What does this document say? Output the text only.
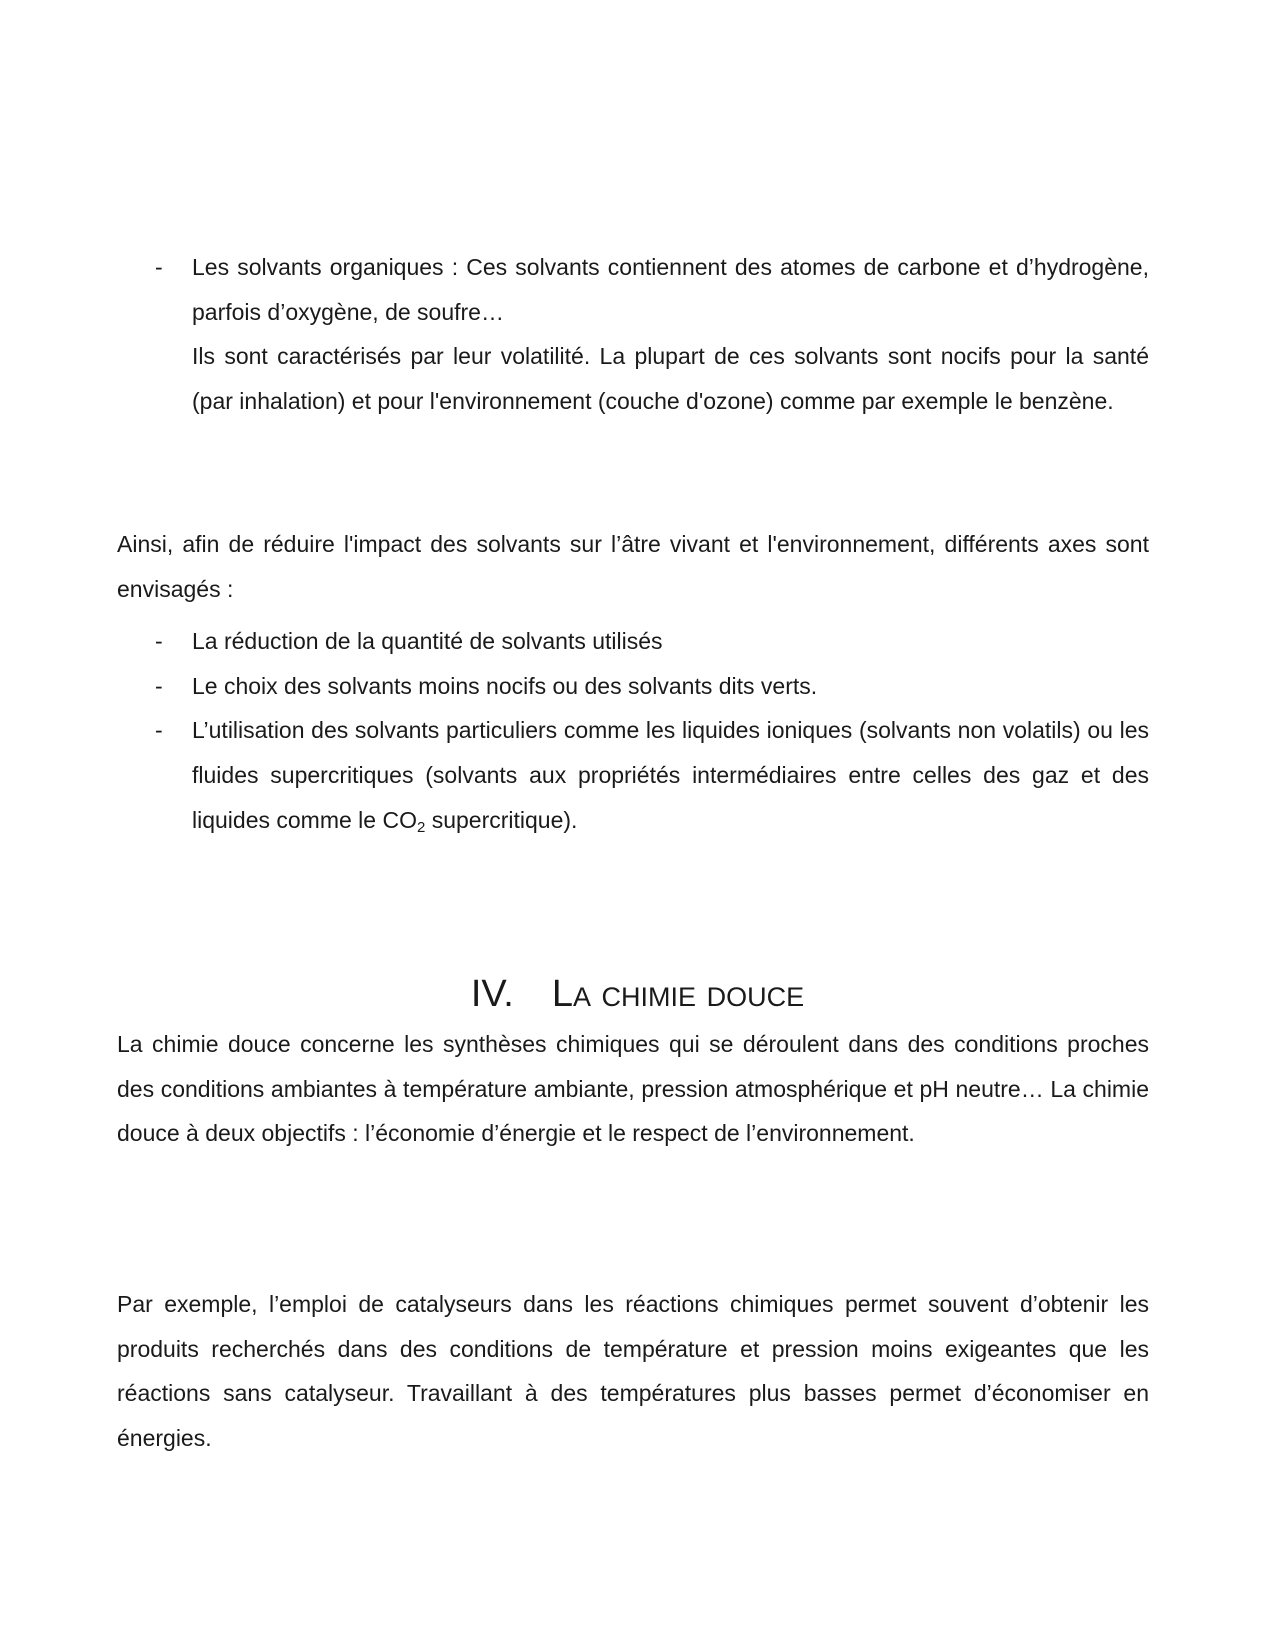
- Les solvants organiques : Ces solvants contiennent des atomes de carbone et d’hydrogène, parfois d’oxygène, de soufre…
Ils sont caractérisés par leur volatilité. La plupart de ces solvants sont nocifs pour la santé (par inhalation) et pour l'environnement (couche d'ozone) comme par exemple le benzène.

Ainsi, afin de réduire l'impact des solvants sur l’âtre vivant et l'environnement, différents axes sont envisagés :

- La réduction de la quantité de solvants utilisés
- Le choix des solvants moins nocifs ou des solvants dits verts.
- L’utilisation des solvants particuliers comme les liquides ioniques (solvants non volatils) ou les fluides supercritiques (solvants aux propriétés intermédiaires entre celles des gaz et des liquides comme le $CO_2$ supercritique).
IV. La chimie douce

La chimie douce concerne les synthèses chimiques qui se déroulent dans des conditions proches des conditions ambiantes à température ambiante, pression atmosphérique et pH neutre… La chimie douce à deux objectifs : l’économie d’énergie et le respect de l’environnement.

Par exemple, l’emploi de catalyseurs dans les réactions chimiques permet souvent d’obtenir les produits recherchés dans des conditions de température et pression moins exigeantes que les réactions sans catalyseur. Travaillant à des températures plus basses permet d’économiser en énergies.
